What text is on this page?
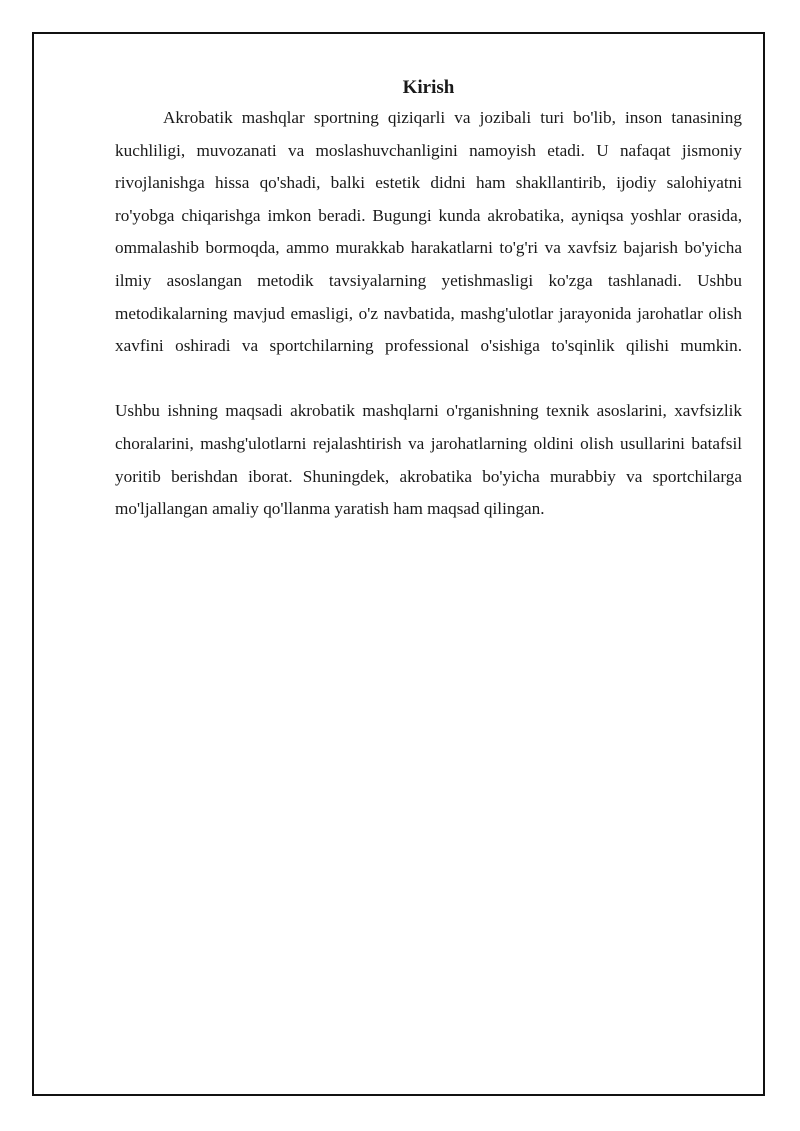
Kirish

Akrobatik mashqlar sportning qiziqarli va jozibali turi bo'lib, inson tanasining kuchliligi, muvozanati va moslashuvchanligini namoyish etadi. U nafaqat jismoniy rivojlanishga hissa qo'shadi, balki estetik didni ham shakllantirib, ijodiy salohiyatni ro'yobga chiqarishga imkon beradi. Bugungi kunda akrobatika, ayniqsa yoshlar orasida, ommalashib bormoqda, ammo murakkab harakatlarni to'g'ri va xavfsiz bajarish bo'yicha ilmiy asoslangan metodik tavsiyalarning yetishmasligi ko'zga tashlanadi. Ushbu metodikalarning mavjud emasligi, o'z navbatida, mashg'ulotlar jarayonida jarohatlar olish xavfini oshiradi va sportchilarning professional o'sishiga to'sqinlik qilishi mumkin.

Ushbu ishning maqsadi akrobatik mashqlarni o'rganishning texnik asoslarini, xavfsizlik choralarini, mashg'ulotlarni rejalashtirish va jarohatlarning oldini olish usullarini batafsil yoritib berishdan iborat. Shuningdek, akrobatika bo'yicha murabbiy va sportchilarga mo'ljallangan amaliy qo'llanma yaratish ham maqsad qilingan.
